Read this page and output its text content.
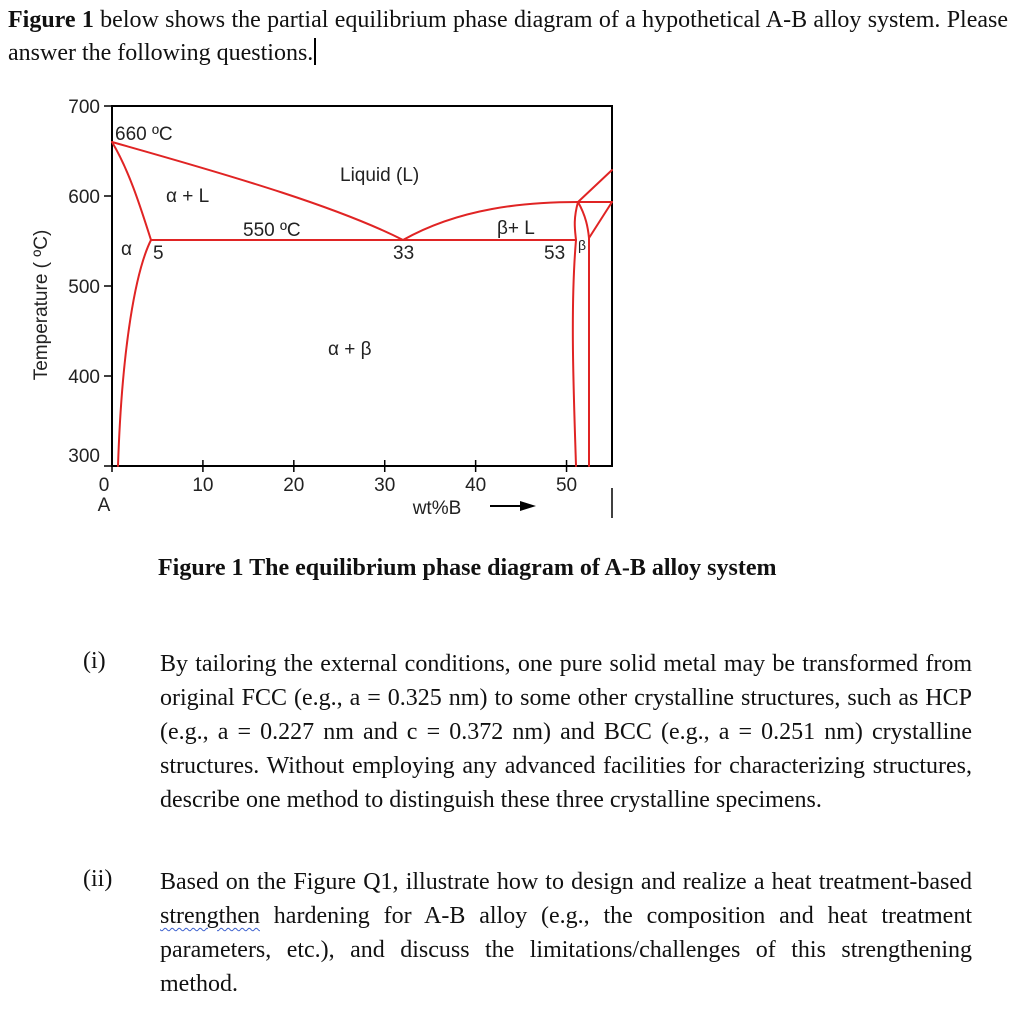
Figure 1 below shows the partial equilibrium phase diagram of a hypothetical A-B alloy system. Please answer the following questions.
0	10	20	30	40	50
300
400
500
600
700
660 ºC
Liquid (L)
α + L
550 ºC	β+ L
α 5	33	53 β
α + β
A	wt%B
Temperature ( ºC)
Figure 1 The equilibrium phase diagram of A-B alloy system
(i) By tailoring the external conditions, one pure solid metal may be transformed from original FCC (e.g., a = 0.325 nm) to some other crystalline structures, such as HCP (e.g., a = 0.227 nm and c = 0.372 nm) and BCC (e.g., a = 0.251 nm) crystalline structures. Without employing any advanced facilities for characterizing structures, describe one method to distinguish these three crystalline specimens.
(ii) Based on the Figure Q1, illustrate how to design and realize a heat treatment-based strengthen hardening for A-B alloy (e.g., the composition and heat treatment parameters, etc.), and discuss the limitations/challenges of this strengthening method.
